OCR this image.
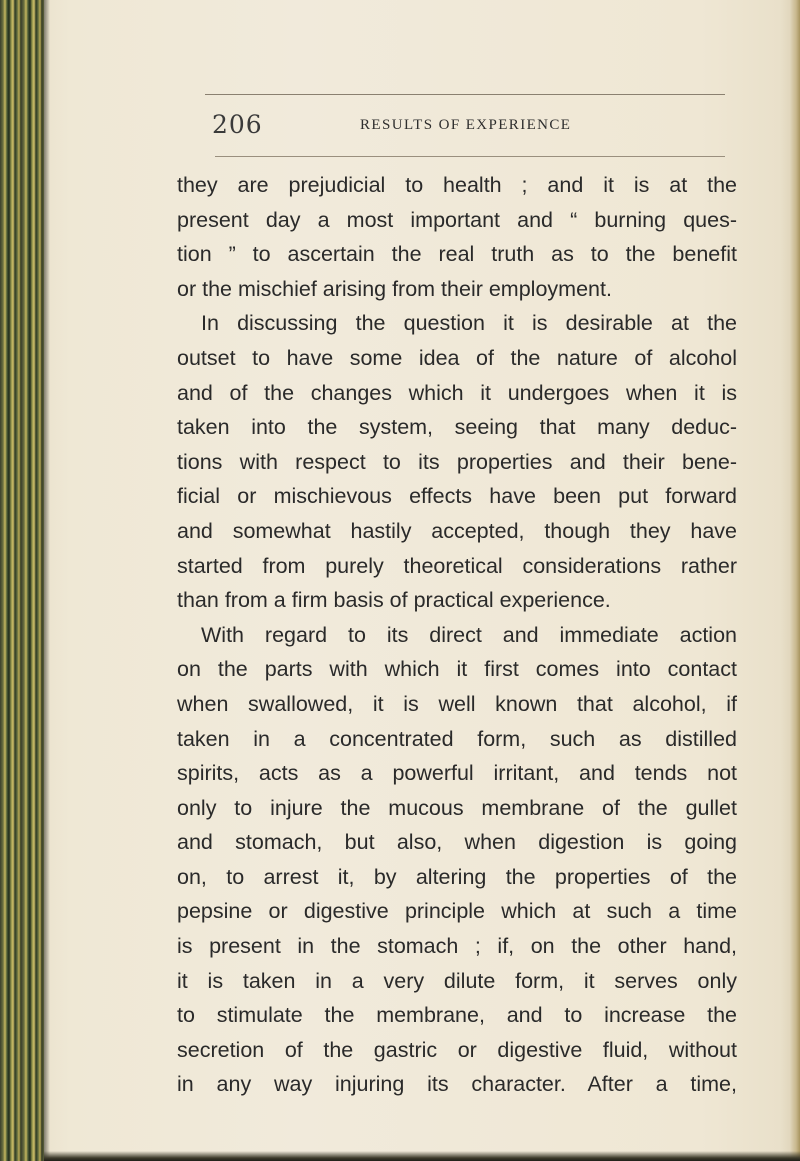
206	RESULTS OF EXPERIENCE
they are prejudicial to health ; and it is at the
present day a most important and “ burning ques-
tion ” to ascertain the real truth as to the benefit
or the mischief arising from their employment.
In discussing the question it is desirable at the
outset to have some idea of the nature of alcohol
and of the changes which it undergoes when it is
taken into the system, seeing that many deduc-
tions with respect to its properties and their bene-
ficial or mischievous effects have been put forward
and somewhat hastily accepted, though they have
started from purely theoretical considerations rather
than from a firm basis of practical experience.
With regard to its direct and immediate action
on the parts with which it first comes into contact
when swallowed, it is well known that alcohol, if
taken in a concentrated form, such as distilled
spirits, acts as a powerful irritant, and tends not
only to injure the mucous membrane of the gullet
and stomach, but also, when digestion is going
on, to arrest it, by altering the properties of the
pepsine or digestive principle which at such a time
is present in the stomach ; if, on the other hand,
it is taken in a very dilute form, it serves only
to stimulate the membrane, and to increase the
secretion of the gastric or digestive fluid, without
in any way injuring its character. After a time,
